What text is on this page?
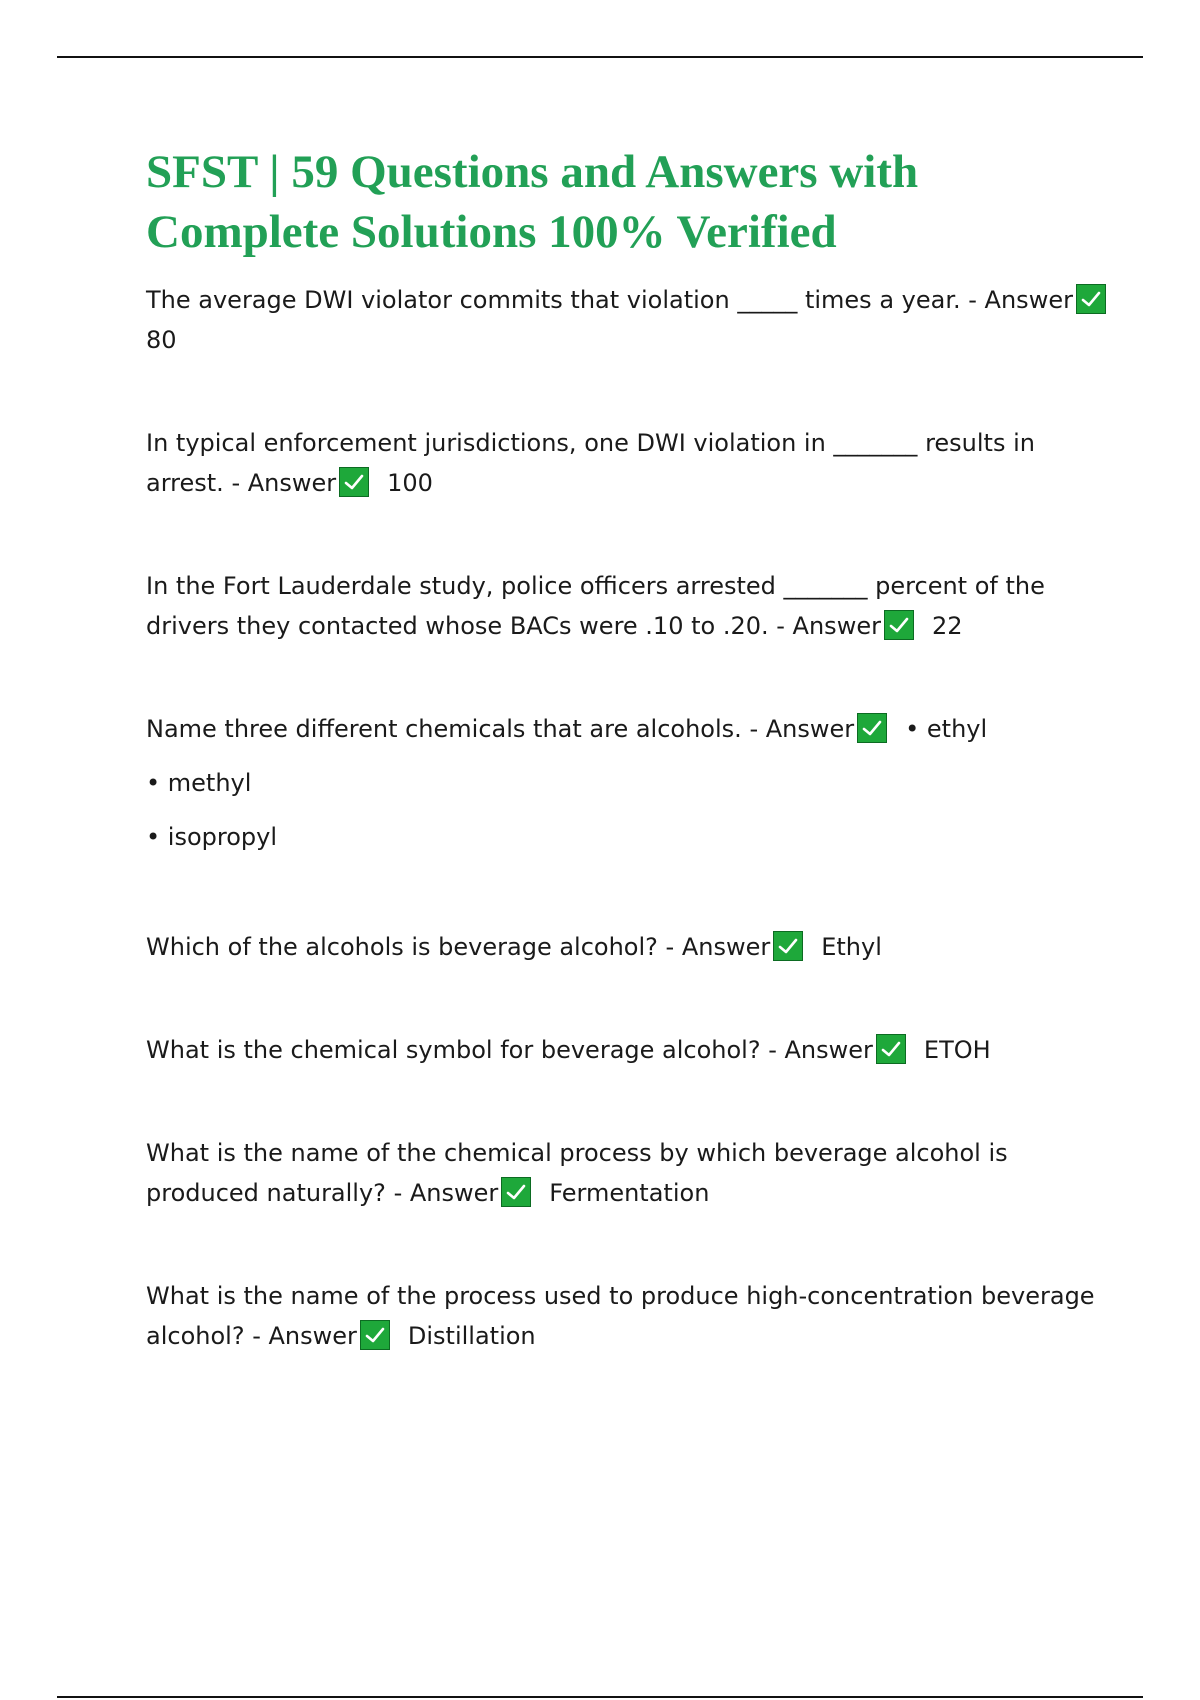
SFST | 59 Questions and Answers with Complete Solutions 100% Verified

The average DWI violator commits that violation _____ times a year. - Answer

80

In typical enforcement jurisdictions, one DWI violation in _______ results in arrest. - Answer 100

In the Fort Lauderdale study, police officers arrested _______ percent of the drivers they contacted whose BACs were .10 to .20. - Answer 22

Name three different chemicals that are alcohols. - Answer • ethyl

• methyl

• isopropyl

Which of the alcohols is beverage alcohol? - Answer Ethyl

What is the chemical symbol for beverage alcohol? - Answer ETOH

What is the name of the chemical process by which beverage alcohol is produced naturally? - Answer Fermentation

What is the name of the process used to produce high-concentration beverage alcohol? - Answer Distillation
